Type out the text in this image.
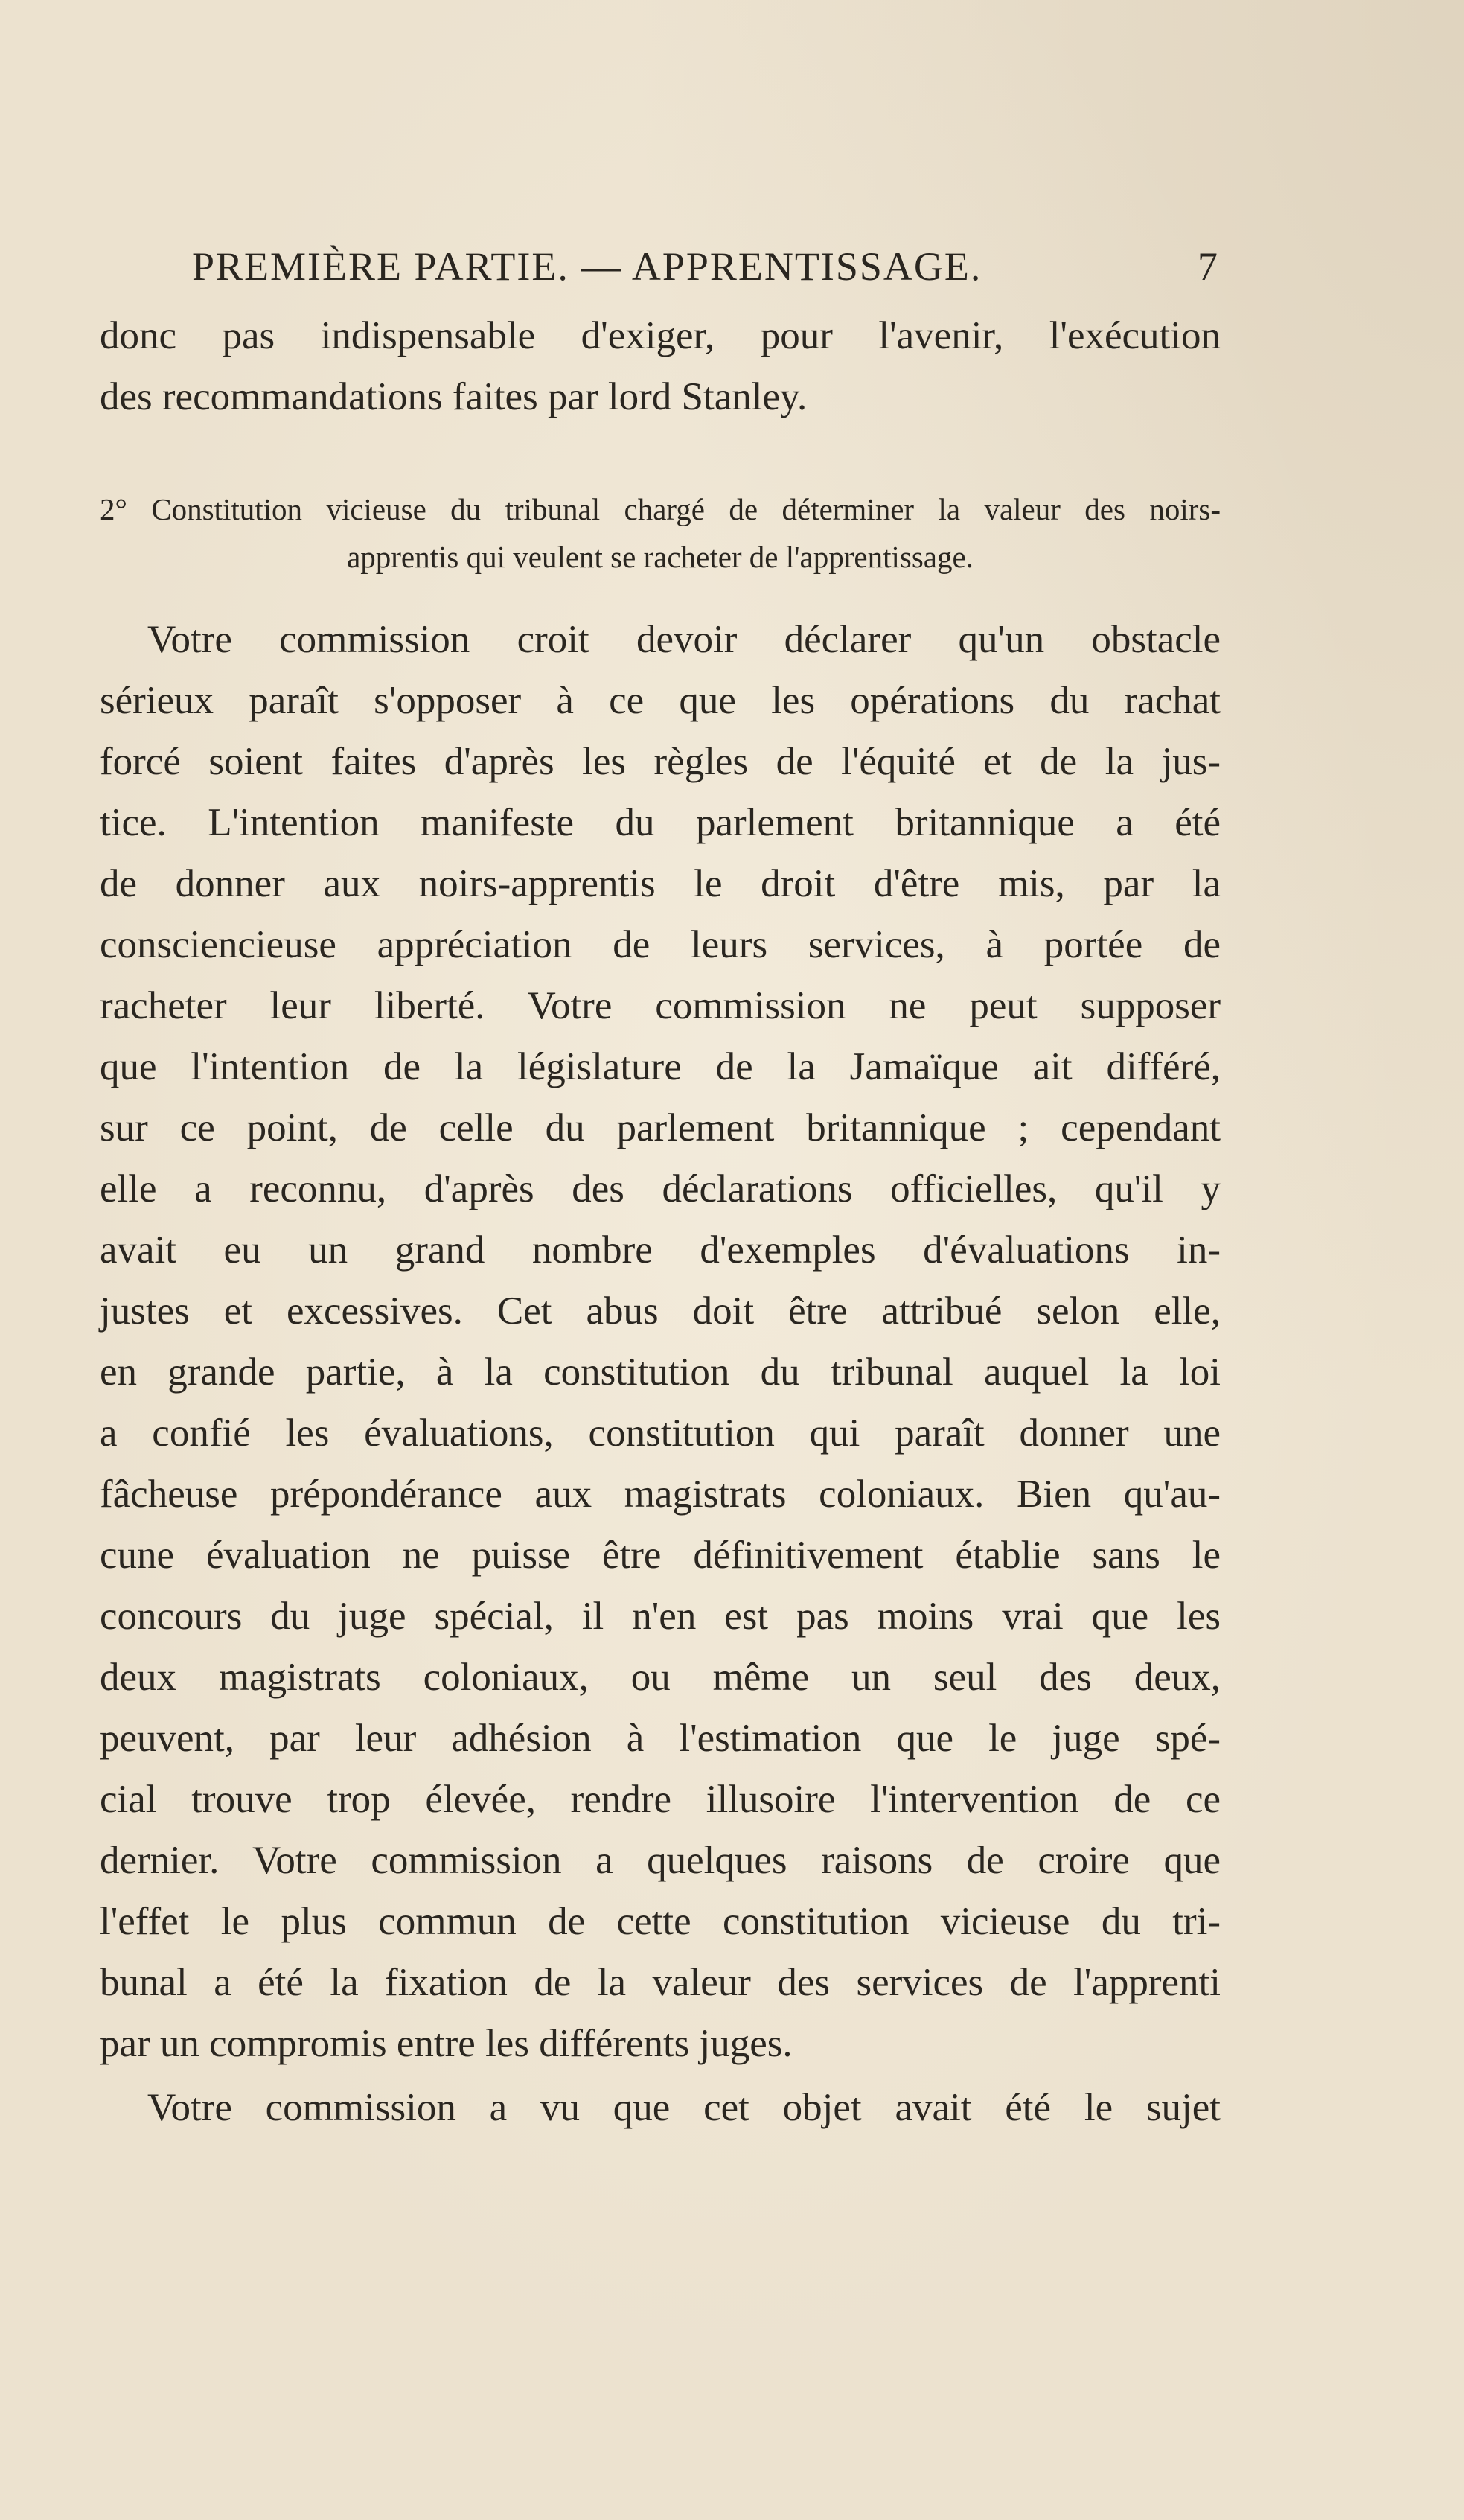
PREMIÈRE PARTIE. — APPRENTISSAGE.	7
donc pas indispensable d'exiger, pour l'avenir, l'exécution
des recommandations faites par lord Stanley.
2° Constitution vicieuse du tribunal chargé de déterminer la valeur des noirs-
apprentis qui veulent se racheter de l'apprentissage.
Votre commission croit devoir déclarer qu'un obstacle
sérieux paraît s'opposer à ce que les opérations du rachat
forcé soient faites d'après les règles de l'équité et de la jus-
tice. L'intention manifeste du parlement britannique a été
de donner aux noirs-apprentis le droit d'être mis, par la
consciencieuse appréciation de leurs services, à portée de
racheter leur liberté. Votre commission ne peut supposer
que l'intention de la législature de la Jamaïque ait différé,
sur ce point, de celle du parlement britannique ; cependant
elle a reconnu, d'après des déclarations officielles, qu'il y
avait eu un grand nombre d'exemples d'évaluations in-
justes et excessives. Cet abus doit être attribué selon elle,
en grande partie, à la constitution du tribunal auquel la loi
a confié les évaluations, constitution qui paraît donner une
fâcheuse prépondérance aux magistrats coloniaux. Bien qu'au-
cune évaluation ne puisse être définitivement établie sans le
concours du juge spécial, il n'en est pas moins vrai que les
deux magistrats coloniaux, ou même un seul des deux,
peuvent, par leur adhésion à l'estimation que le juge spé-
cial trouve trop élevée, rendre illusoire l'intervention de ce
dernier. Votre commission a quelques raisons de croire que
l'effet le plus commun de cette constitution vicieuse du tri-
bunal a été la fixation de la valeur des services de l'apprenti
par un compromis entre les différents juges.
Votre commission a vu que cet objet avait été le sujet
